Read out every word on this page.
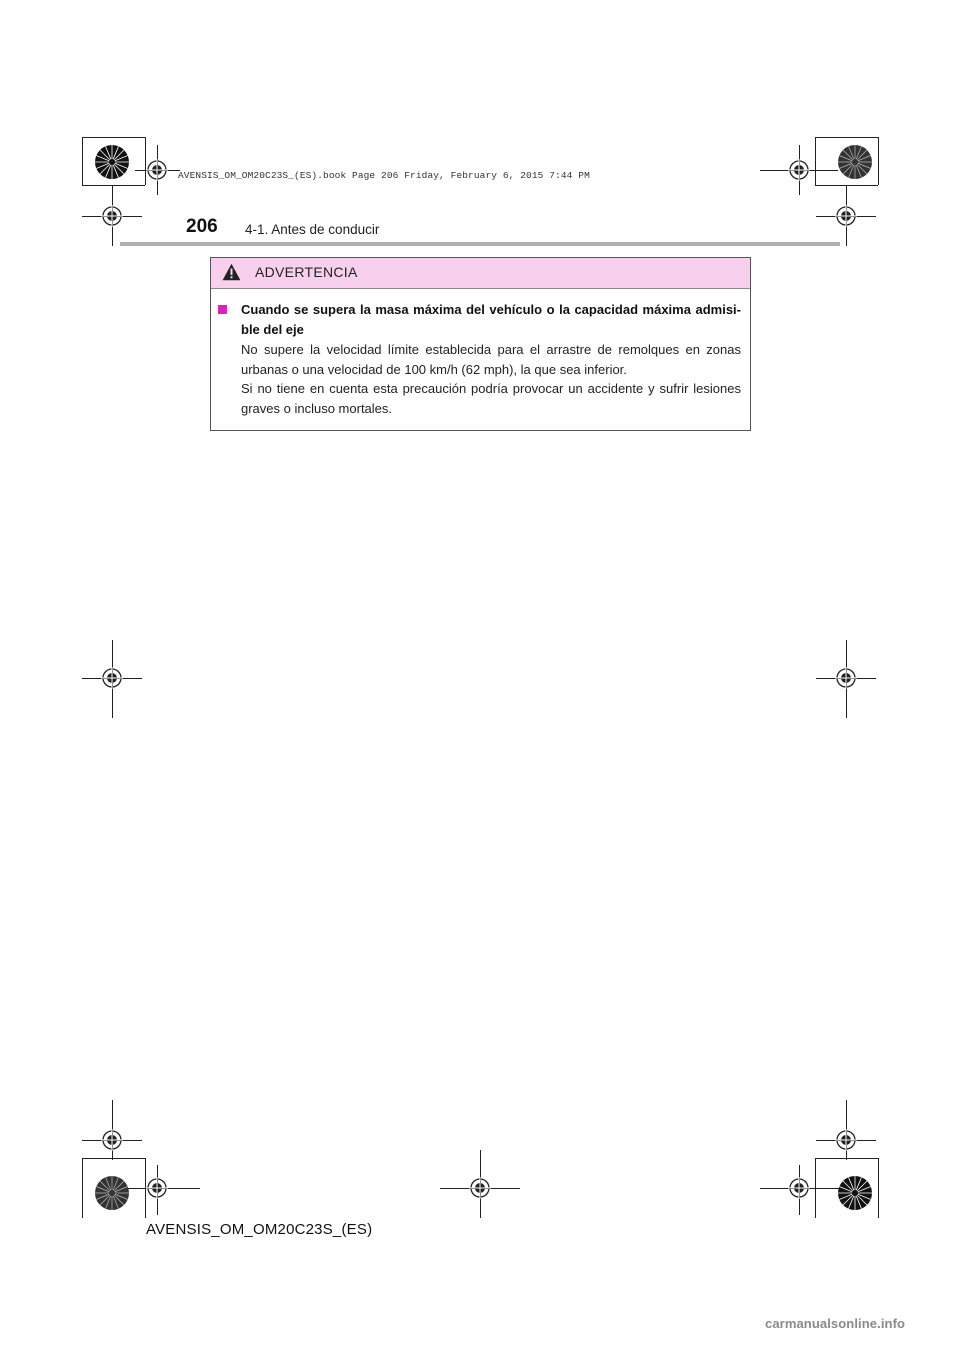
AVENSIS_OM_OM20C23S_(ES).book Page 206 Friday, February 6, 2015 7:44 PM
206 4-1. Antes de conducir
ADVERTENCIA
Cuando se supera la masa máxima del vehículo o la capacidad máxima admisi-ble del eje
No supere la velocidad límite establecida para el arrastre de remolques en zonas urbanas o una velocidad de 100 km/h (62 mph), la que sea inferior.
Si no tiene en cuenta esta precaución podría provocar un accidente y sufrir lesiones graves o incluso mortales.
AVENSIS_OM_OM20C23S_(ES)
carmanualsonline.info
